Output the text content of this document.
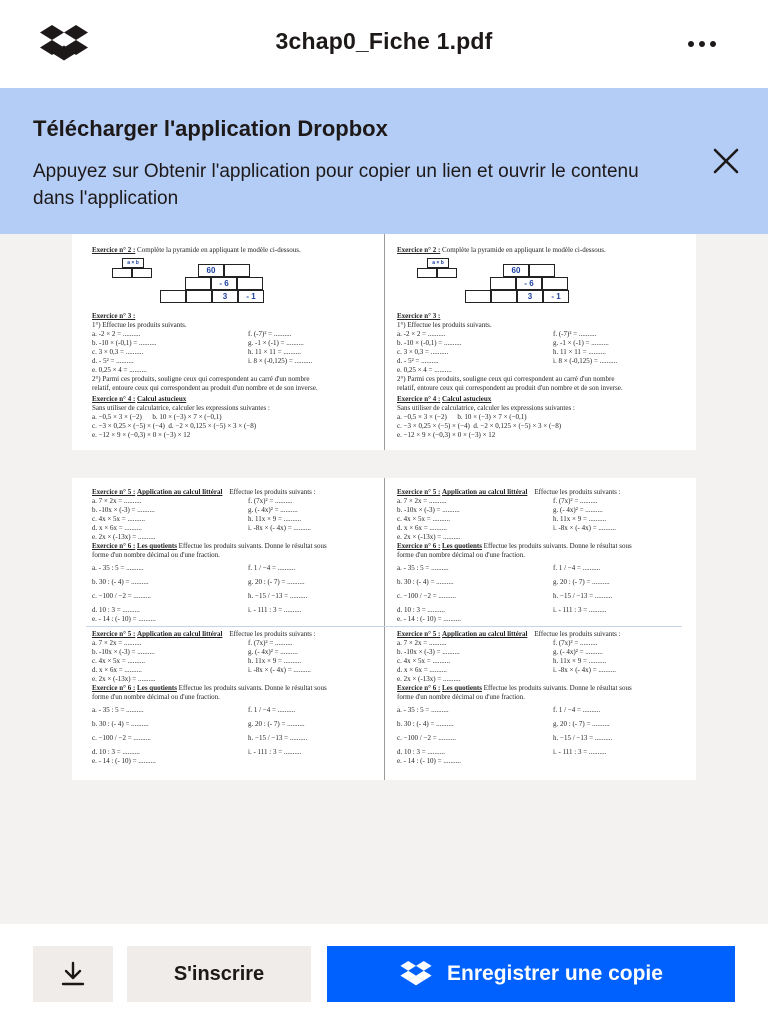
3chap0_Fiche 1.pdf
Télécharger l'application Dropbox
Appuyez sur Obtenir l'application pour copier un lien et ouvrir le contenu dans l'application
Exercice n° 2 : Complète la pyramide en appliquant le modèle ci-dessous.
a × b
60
- 6
3	- 1
Exercice n° 3 :
1°) Effectue les produits suivants.
a. -2 × 2 = ..........
b. -10 × (-0,1) = ..........
c. 3 × 0,3 = ..........
d. - 5² = ..........
e. 0,25 × 4 = ..........
2°) Parmi ces produits, souligne ceux qui correspondent au carré d'un nombre
relatif, entoure ceux qui correspondent au produit d'un nombre et de son inverse.
f. (-7)² = ..........
g. -1 × (-1) = ..........
h. 11 × 11 = ..........
i. 8 × (-0,125) = ..........
Exercice n° 4 : Calcul astucieux
Sans utiliser de calculatrice, calculer les expressions suivantes :
a. −0,5 × 3 × (−2) b. 10 × (−3) × 7 × (−0,1)
c. −3 × 0,25 × (−5) × (−4) d. −2 × 0,125 × (−5) × 3 × (−8)
e. −12 × 9 × (−0,3) × 0 × (−3) × 12
Exercice n° 2 : Complète la pyramide en appliquant le modèle ci-dessous.
a × b
60
- 6
3	- 1
Exercice n° 3 :
1°) Effectue les produits suivants.
a. -2 × 2 = ..........
b. -10 × (-0,1) = ..........
c. 3 × 0,3 = ..........
d. - 5² = ..........
e. 0,25 × 4 = ..........
2°) Parmi ces produits, souligne ceux qui correspondent au carré d'un nombre
relatif, entoure ceux qui correspondent au produit d'un nombre et de son inverse.
f. (-7)² = ..........
g. -1 × (-1) = ..........
h. 11 × 11 = ..........
i. 8 × (-0,125) = ..........
Exercice n° 4 : Calcul astucieux
Sans utiliser de calculatrice, calculer les expressions suivantes :
a. −0,5 × 3 × (−2) b. 10 × (−3) × 7 × (−0,1)
c. −3 × 0,25 × (−5) × (−4) d. −2 × 0,125 × (−5) × 3 × (−8)
e. −12 × 9 × (−0,3) × 0 × (−3) × 12
Exercice n° 5 : Application au calcul littéral Effectue les produits suivants :
a. 7 × 2x = ..........
b. -10x × (-3) = ..........
c. 4x × 5x = ..........
d. x × 6x = ..........
e. 2x × (-13x) = ..........
Exercice n° 6 : Les quotients Effectue les produits suivants. Donne le résultat sous
forme d'un nombre décimal ou d'une fraction.
a. - 35 : 5 = ..........
b. 30 : (- 4) = ..........
c. −100 / −2 = ..........
d. 10 : 3 = ..........
e. - 14 : (- 10) = ..........
f. (7x)² = ..........
g. (- 4x)² = ..........
h. 11x × 9 = ..........
i. -8x × (- 4x) = ..........
f. 1 / −4 = ..........
g. 20 : (- 7) = ..........
h. −15 / −13 = ..........
i. - 111 : 3 = ..........
Exercice n° 5 : Application au calcul littéral Effectue les produits suivants :
a. 7 × 2x = ..........
b. -10x × (-3) = ..........
c. 4x × 5x = ..........
d. x × 6x = ..........
e. 2x × (-13x) = ..........
Exercice n° 6 : Les quotients Effectue les produits suivants. Donne le résultat sous
forme d'un nombre décimal ou d'une fraction.
a. - 35 : 5 = ..........
b. 30 : (- 4) = ..........
c. −100 / −2 = ..........
d. 10 : 3 = ..........
e. - 14 : (- 10) = ..........
f. (7x)² = ..........
g. (- 4x)² = ..........
h. 11x × 9 = ..........
i. -8x × (- 4x) = ..........
f. 1 / −4 = ..........
g. 20 : (- 7) = ..........
h. −15 / −13 = ..........
i. - 111 : 3 = ..........
Exercice n° 5 : Application au calcul littéral Effectue les produits suivants :
a. 7 × 2x = ..........
b. -10x × (-3) = ..........
c. 4x × 5x = ..........
d. x × 6x = ..........
e. 2x × (-13x) = ..........
Exercice n° 6 : Les quotients Effectue les produits suivants. Donne le résultat sous
forme d'un nombre décimal ou d'une fraction.
a. - 35 : 5 = ..........
b. 30 : (- 4) = ..........
c. −100 / −2 = ..........
d. 10 : 3 = ..........
e. - 14 : (- 10) = ..........
f. (7x)² = ..........
g. (- 4x)² = ..........
h. 11x × 9 = ..........
i. -8x × (- 4x) = ..........
f. 1 / −4 = ..........
g. 20 : (- 7) = ..........
h. −15 / −13 = ..........
i. - 111 : 3 = ..........
Exercice n° 5 : Application au calcul littéral Effectue les produits suivants :
a. 7 × 2x = ..........
b. -10x × (-3) = ..........
c. 4x × 5x = ..........
d. x × 6x = ..........
e. 2x × (-13x) = ..........
Exercice n° 6 : Les quotients Effectue les produits suivants. Donne le résultat sous
forme d'un nombre décimal ou d'une fraction.
a. - 35 : 5 = ..........
b. 30 : (- 4) = ..........
c. −100 / −2 = ..........
d. 10 : 3 = ..........
e. - 14 : (- 10) = ..........
f. (7x)² = ..........
g. (- 4x)² = ..........
h. 11x × 9 = ..........
i. -8x × (- 4x) = ..........
f. 1 / −4 = ..........
g. 20 : (- 7) = ..........
h. −15 / −13 = ..........
i. - 111 : 3 = ..........
S'inscrire	Enregistrer une copie
